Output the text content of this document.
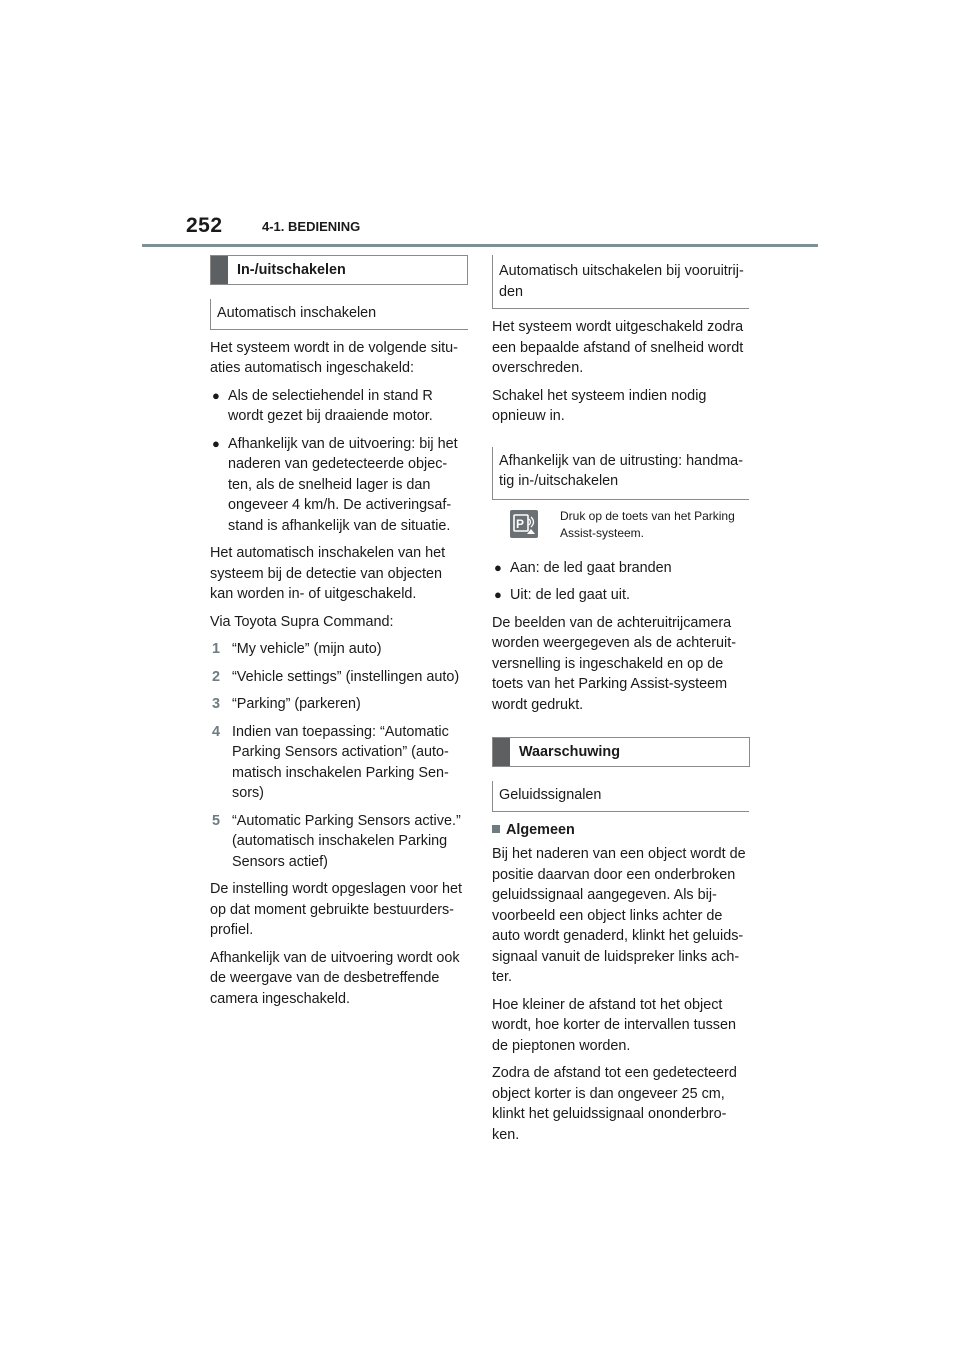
252	4-1. BEDIENING
In-/uitschakelen
Automatisch inschakelen

Het systeem wordt in de volgende situ-aties automatisch ingeschakeld:

● Als de selectiehendel in stand R wordt gezet bij draaiende motor.
● Afhankelijk van de uitvoering: bij het naderen van gedetecteerde objec-ten, als de snelheid lager is dan ongeveer 4 km/h. De activeringsaf-stand is afhankelijk van de situatie.

Het automatisch inschakelen van het systeem bij de detectie van objecten kan worden in- of uitgeschakeld.

Via Toyota Supra Command:

1 “My vehicle” (mijn auto)
2 “Vehicle settings” (instellingen auto)
3 “Parking” (parkeren)
4 Indien van toepassing: “Automatic Parking Sensors activation” (auto-matisch inschakelen Parking Sen-sors)
5 “Automatic Parking Sensors active.” (automatisch inschakelen Parking Sensors actief)

De instelling wordt opgeslagen voor het op dat moment gebruikte bestuurders-profiel.

Afhankelijk van de uitvoering wordt ook de weergave van de desbetreffende camera ingeschakeld.

Automatisch uitschakelen bij vooruitrij-den

Het systeem wordt uitgeschakeld zodra een bepaalde afstand of snelheid wordt overschreden.

Schakel het systeem indien nodig opnieuw in.

Afhankelijk van de uitrusting: handma-tig in-/uitschakelen
P
Druk op de toets van het Parking Assist-systeem.
● Aan: de led gaat branden
● Uit: de led gaat uit.

De beelden van de achteruitrijcamera worden weergegeven als de achteruit-versnelling is ingeschakeld en op de toets van het Parking Assist-systeem wordt gedrukt.

Waarschuwing
Geluidssignalen
Algemeen

Bij het naderen van een object wordt de positie daarvan door een onderbroken geluidssignaal aangegeven. Als bij-voorbeeld een object links achter de auto wordt genaderd, klinkt het geluids-signaal vanuit de luidspreker links ach-ter.

Hoe kleiner de afstand tot het object wordt, hoe korter de intervallen tussen de pieptonen worden.

Zodra de afstand tot een gedetecteerd object korter is dan ongeveer 25 cm, klinkt het geluidssignaal ononderbro-ken.
